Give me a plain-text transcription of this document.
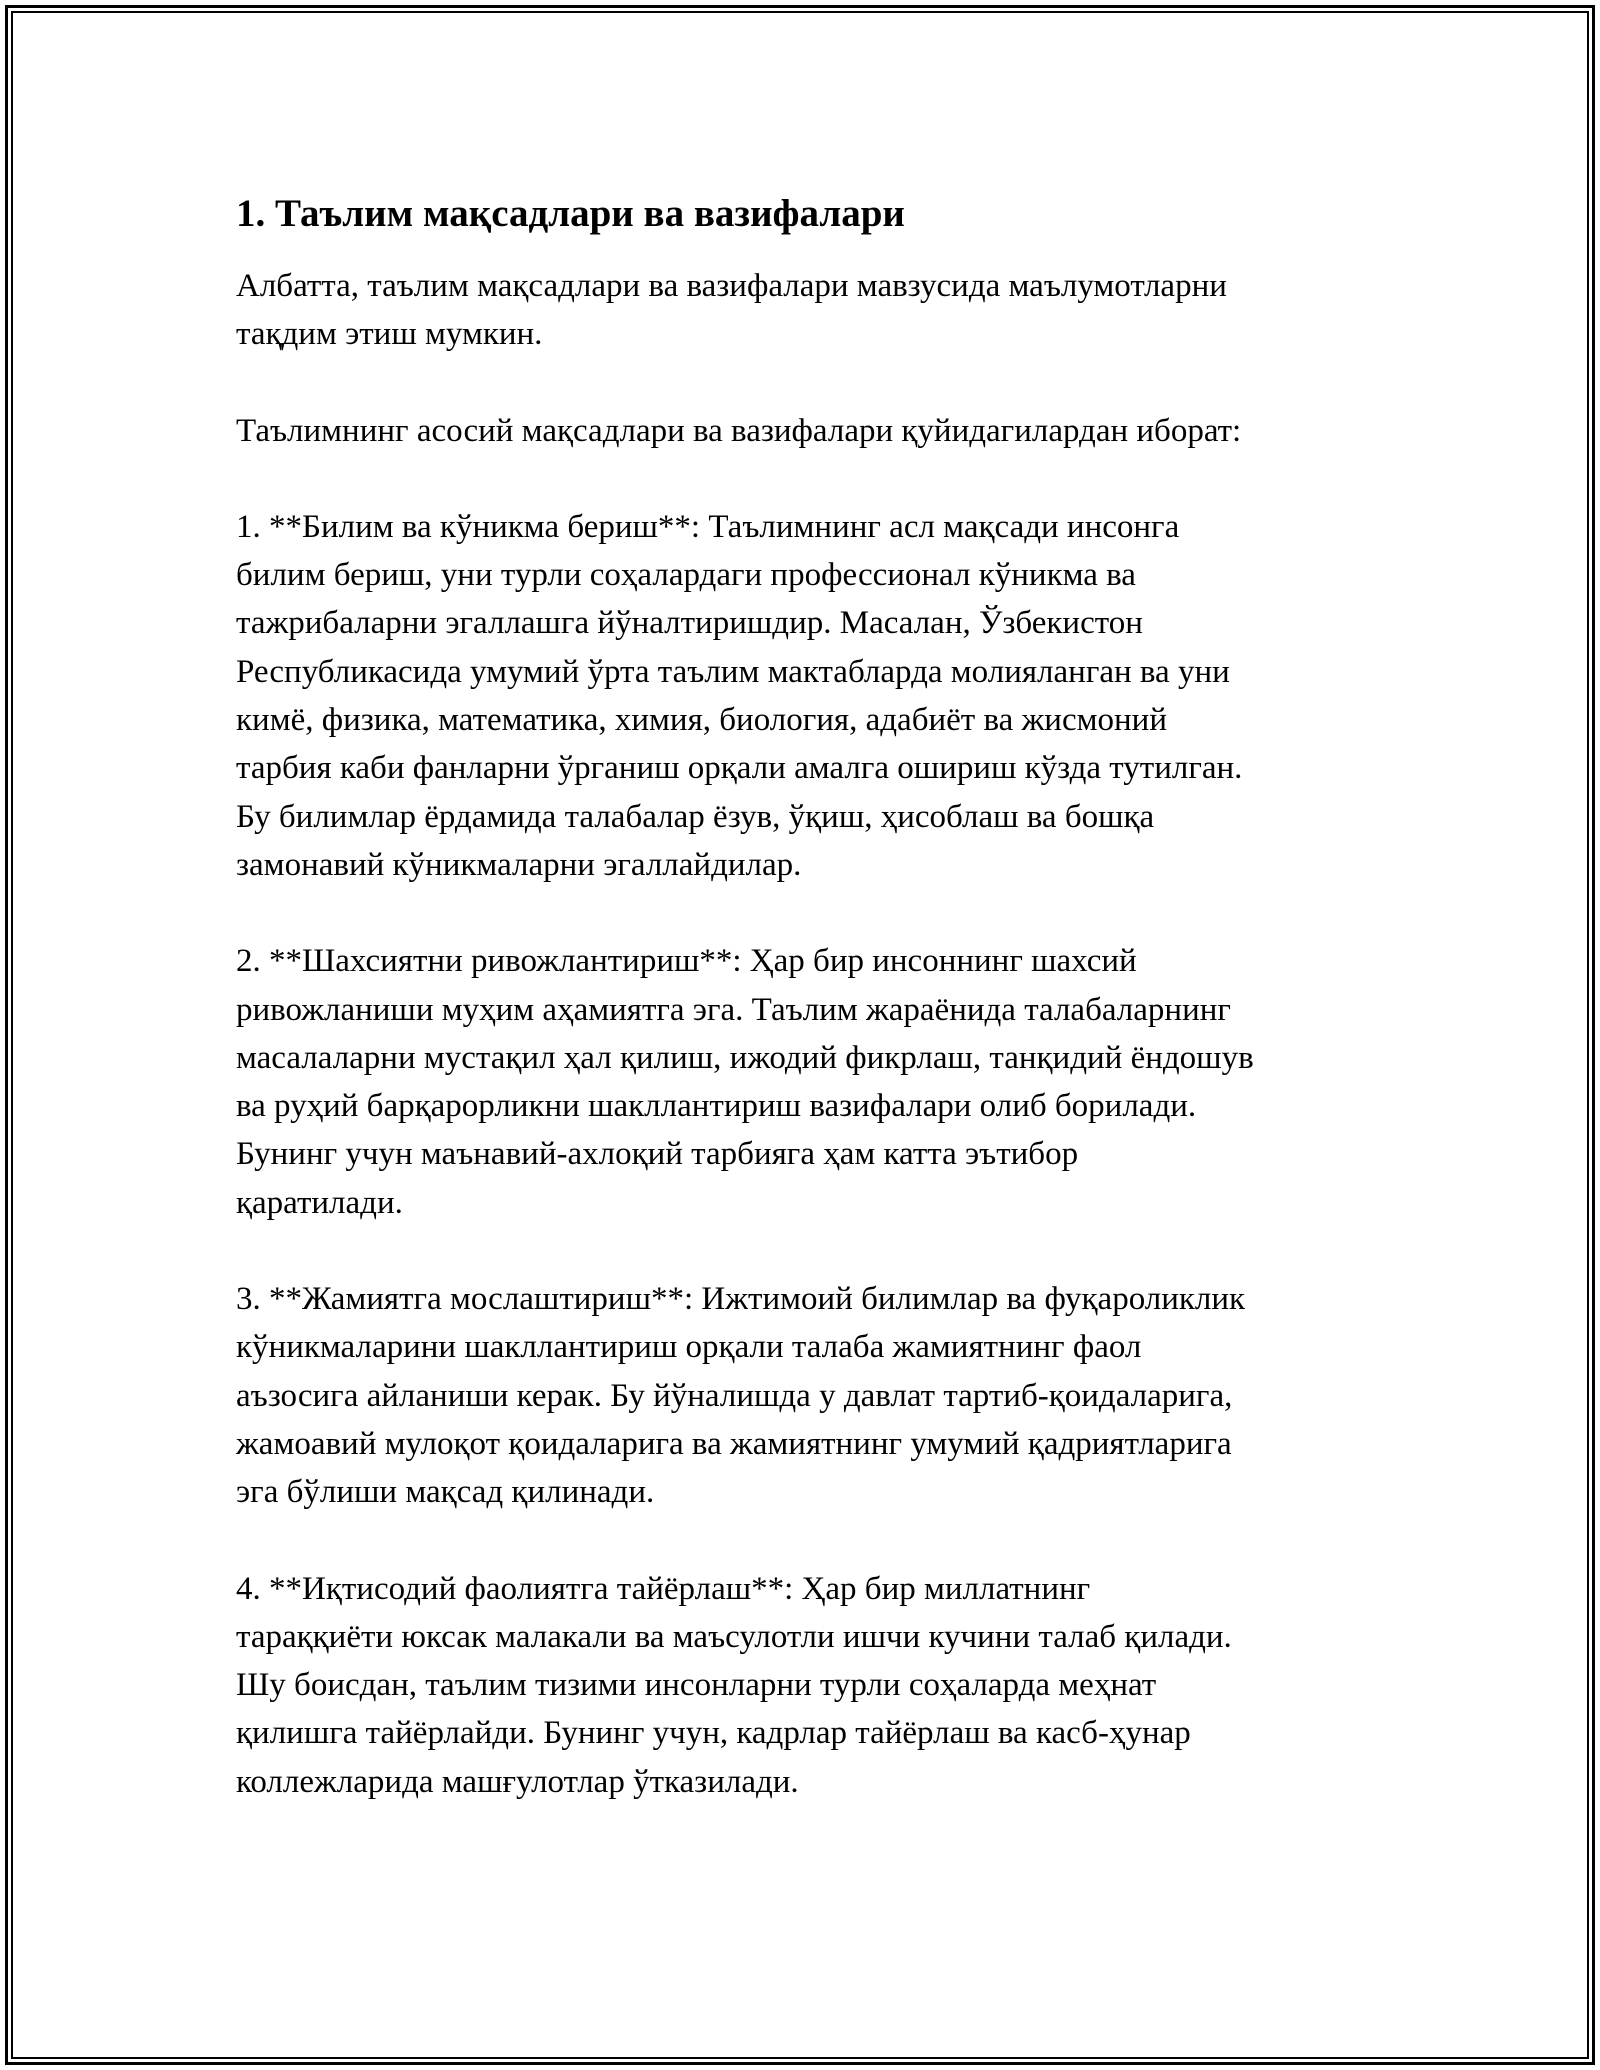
1. Таълим мақсадлари ва вазифалари

Албатта, таълим мақсадлари ва вазифалари мавзусида маълумотларни
тақдим этиш мумкин.

Таълимнинг асосий мақсадлари ва вазифалари қуйидагилардан иборат:

1. **Билим ва кўникма бериш**: Таълимнинг асл мақсади инсонга
билим бериш, уни турли соҳалардаги профессионал кўникма ва
тажрибаларни эгаллашга йўналтиришдир. Масалан, Ўзбекистон
Республикасида умумий ўрта таълим мактабларда молияланган ва уни
кимё, физика, математика, химия, биология, адабиёт ва жисмоний
тарбия каби фанларни ўрганиш орқали амалга ошириш кўзда тутилган.
Бу билимлар ёрдамида талабалар ёзув, ўқиш, ҳисоблаш ва бошқа
замонавий кўникмаларни эгаллайдилар.

2. **Шахсиятни ривожлантириш**: Ҳар бир инсоннинг шахсий
ривожланиши муҳим аҳамиятга эга. Таълим жараёнида талабаларнинг
масалаларни мустақил ҳал қилиш, ижодий фикрлаш, танқидий ёндошув
ва руҳий барқарорликни шакллантириш вазифалари олиб борилади.
Бунинг учун маънавий-ахлоқий тарбияга ҳам катта эътибор
қаратилади.

3. **Жамиятга мослаштириш**: Ижтимоий билимлар ва фуқароликлик
кўникмаларини шакллантириш орқали талаба жамиятнинг фаол
аъзосига айланиши керак. Бу йўналишда у давлат тартиб-қоидаларига,
жамоавий мулоқот қоидаларига ва жамиятнинг умумий қадриятларига
эга бўлиши мақсад қилинади.

4. **Иқтисодий фаолиятга тайёрлаш**: Ҳар бир миллатнинг
тараққиёти юксак малакали ва маъсулотли ишчи кучини талаб қилади.
Шу боисдан, таълим тизими инсонларни турли соҳаларда меҳнат
қилишга тайёрлайди. Бунинг учун, кадрлар тайёрлаш ва касб-ҳунар
коллежларида машғулотлар ўтказилади.
